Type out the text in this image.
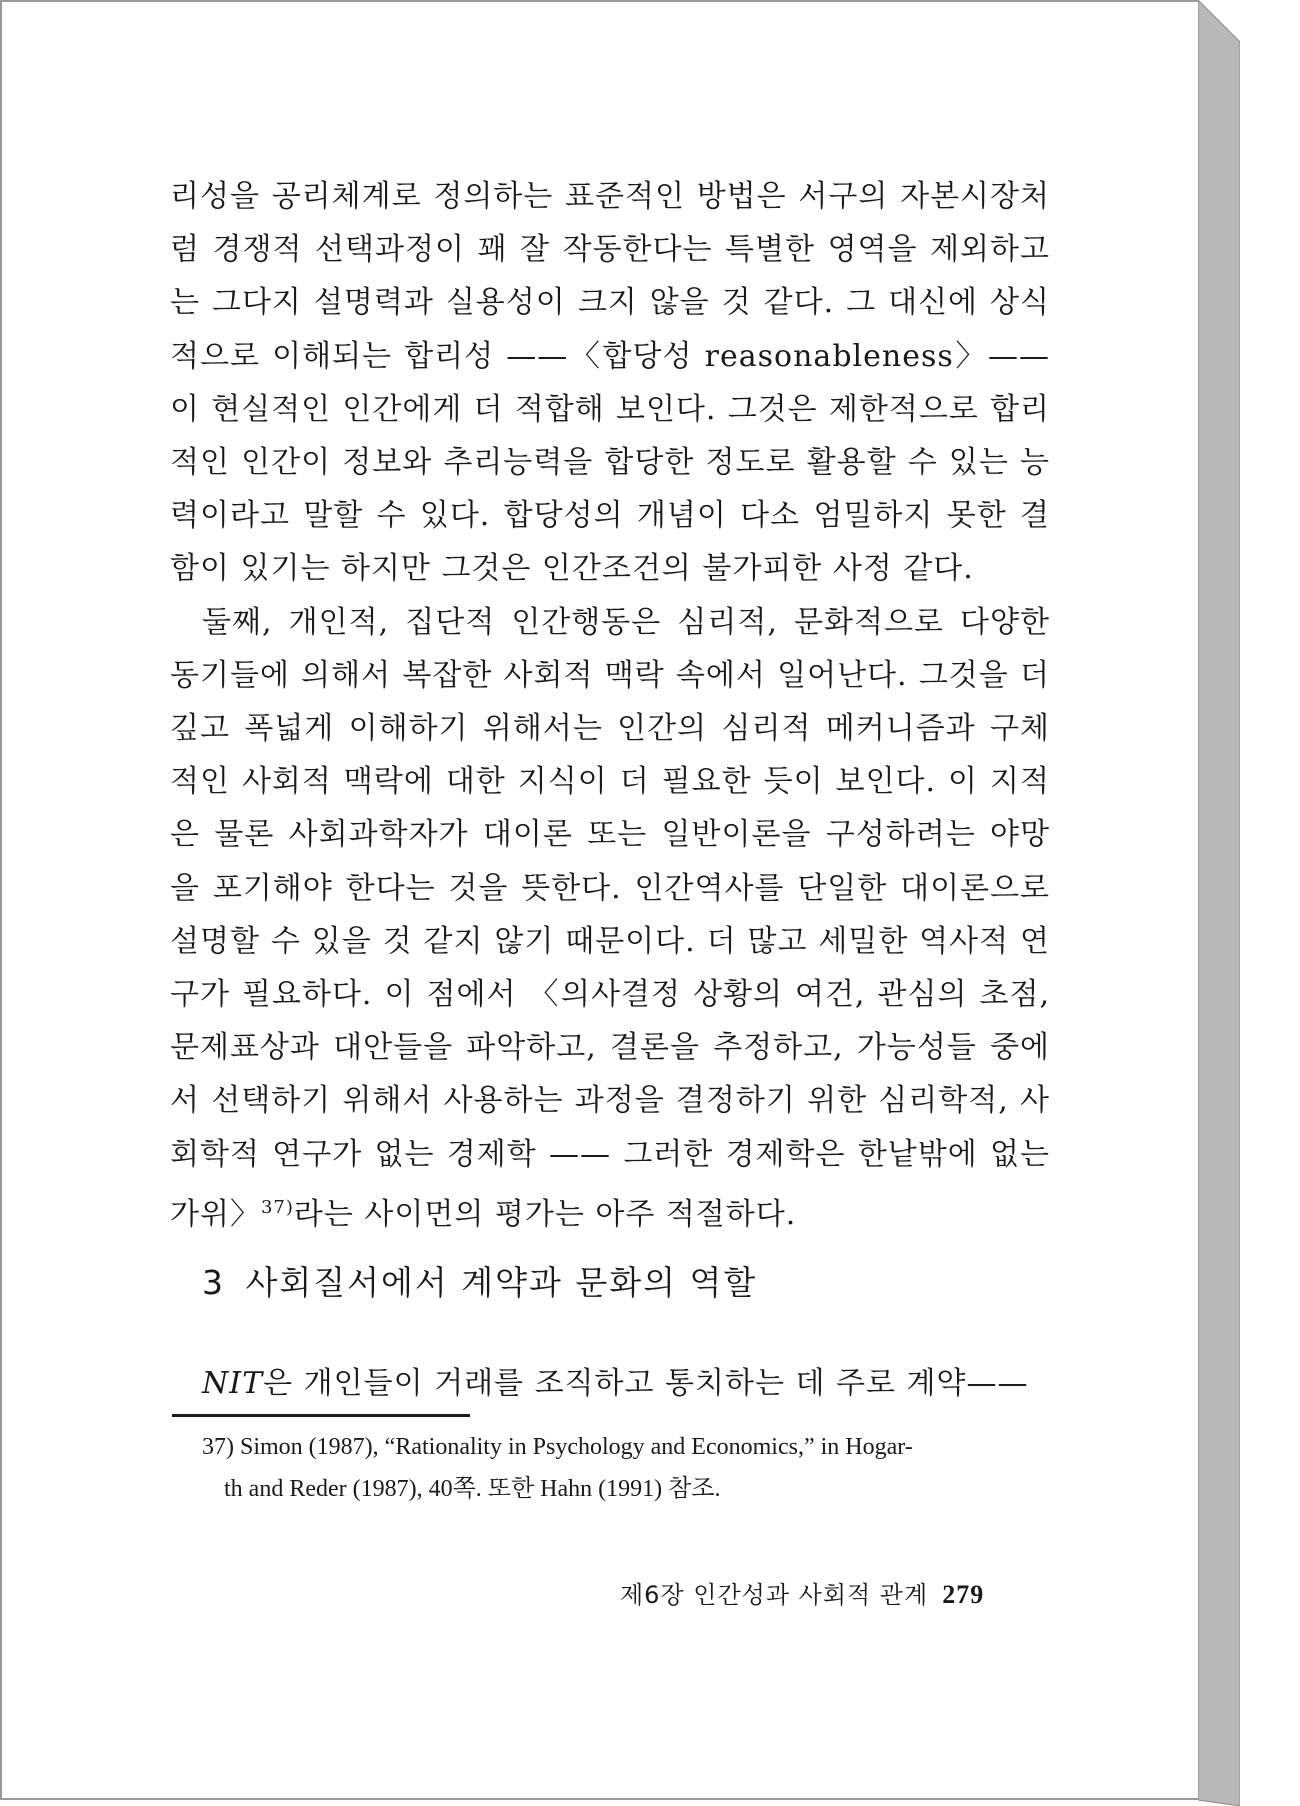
리성을 공리체계로 정의하는 표준적인 방법은 서구의 자본시장처럼 경쟁적 선택과정이 꽤 잘 작동한다는 특별한 영역을 제외하고는 그다지 설명력과 실용성이 크지 않을 것 같다. 그 대신에 상식적으로 이해되는 합리성 ——〈합당성 reasonableness〉—— 이 현실적인 인간에게 더 적합해 보인다. 그것은 제한적으로 합리적인 인간이 정보와 추리능력을 합당한 정도로 활용할 수 있는 능력이라고 말할 수 있다. 합당성의 개념이 다소 엄밀하지 못한 결함이 있기는 하지만 그것은 인간조건의 불가피한 사정 같다.

둘째, 개인적, 집단적 인간행동은 심리적, 문화적으로 다양한 동기들에 의해서 복잡한 사회적 맥락 속에서 일어난다. 그것을 더 깊고 폭넓게 이해하기 위해서는 인간의 심리적 메커니즘과 구체적인 사회적 맥락에 대한 지식이 더 필요한 듯이 보인다. 이 지적은 물론 사회과학자가 대이론 또는 일반이론을 구성하려는 야망을 포기해야 한다는 것을 뜻한다. 인간역사를 단일한 대이론으로 설명할 수 있을 것 같지 않기 때문이다. 더 많고 세밀한 역사적 연구가 필요하다. 이 점에서 〈의사결정 상황의 여건, 관심의 초점, 문제표상과 대안들을 파악하고, 결론을 추정하고, 가능성들 중에서 선택하기 위해서 사용하는 과정을 결정하기 위한 심리학적, 사회학적 연구가 없는 경제학 —— 그러한 경제학은 한낱밖에 없는 가위〉$^{37)}$라는 사이먼의 평가는 아주 적절하다.

3 사회질서에서 계약과 문화의 역할
NIT은 개인들이 거래를 조직하고 통치하는 데 주로 계약——
37) Simon (1987), “Rationality in Psychology and Economics,” in Hogar-
th and Reder (1987), 40쪽. 또한 Hahn (1991) 참조.
제6장 인간성과 사회적 관계 279
